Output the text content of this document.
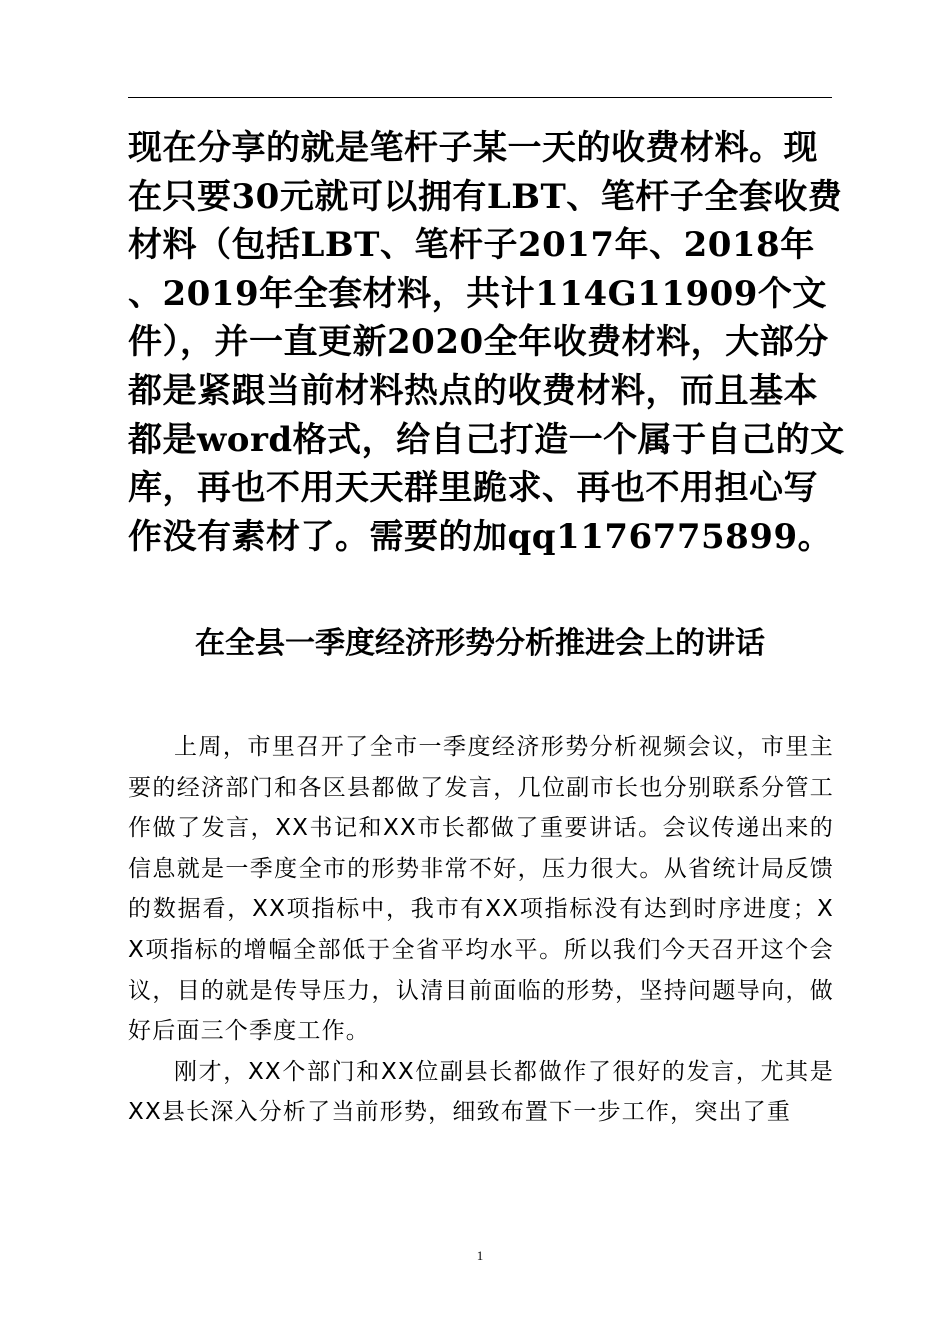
现在分享的就是笔杆子某一天的收费材料。现在只要30元就可以拥有LBT、笔杆子全套收费材料（包括LBT、笔杆子2017年、2018年 、2019年全套材料，共计114G11909个文件），并一直更新2020全年收费材料，大部分都是紧跟当前材料热点的收费材料，而且基本都是word格式，给自己打造一个属于自己的文库，再也不用天天群里跪求、再也不用担心写作没有素材了。需要的加qq1176775899。

在全县一季度经济形势分析推进会上的讲话

上周，市里召开了全市一季度经济形势分析视频会议，市里主要的经济部门和各区县都做了发言，几位副市长也分别联系分管工作做了发言，XX书记和XX市长都做了重要讲话。会议传递出来的信息就是一季度全市的形势非常不好，压力很大。从省统计局反馈的数据看，XX项指标中，我市有XX项指标没有达到时序进度；XX项指标的增幅全部低于全省平均水平。所以我们今天召开这个会议，目的就是传导压力，认清目前面临的形势，坚持问题导向，做好后面三个季度工作。

刚才，XX个部门和XX位副县长都做作了很好的发言，尤其是XX县长深入分析了当前形势，细致布置下一步工作，突出了重

1
